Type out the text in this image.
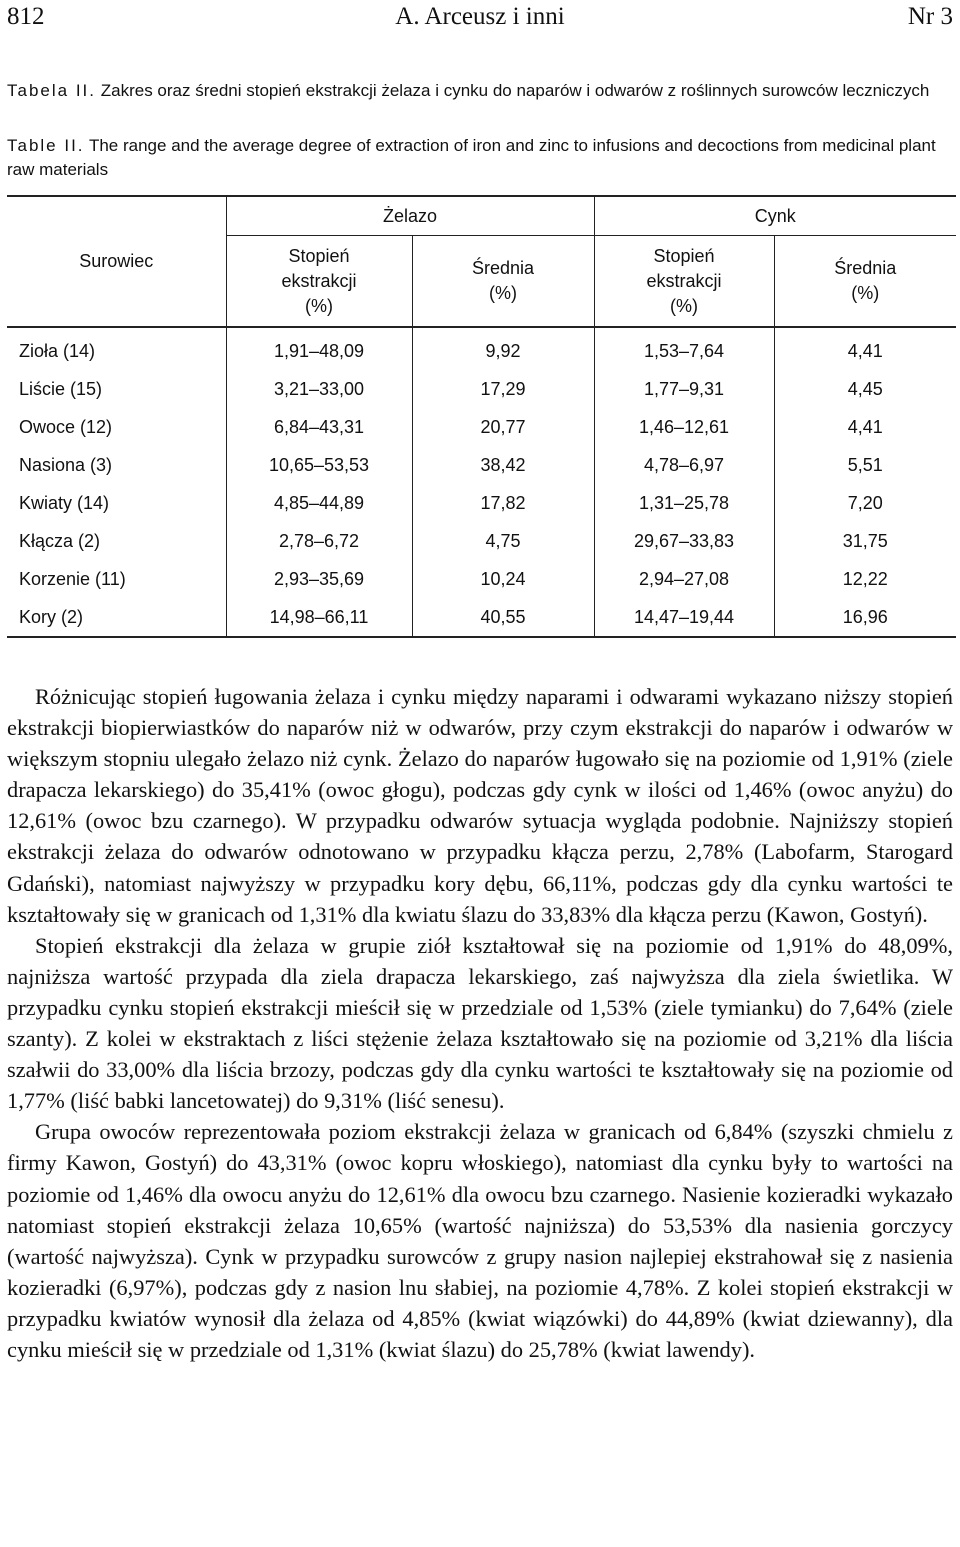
812	A. Arceusz i inni	Nr 3
Tabela II. Zakres oraz średni stopień ekstrakcji żelaza i cynku do naparów i odwarów z roślinnych surowców leczniczych
Table II. The range and the average degree of extraction of iron and zinc to infusions and decoctions from medicinal plant raw materials
Surowiec	Żelazo		Cynk	
	Stopień
ekstrakcji
(%)	Średnia
(%)	Stopień
ekstrakcji
(%)	Średnia
(%)
Zioła (14)	1,91–48,09	9,92	1,53–7,64	4,41
Liście (15)	3,21–33,00	17,29	1,77–9,31	4,45
Owoce (12)	6,84–43,31	20,77	1,46–12,61	4,41
Nasiona (3)	10,65–53,53	38,42	4,78–6,97	5,51
Kwiaty (14)	4,85–44,89	17,82	1,31–25,78	7,20
Kłącza (2)	2,78–6,72	4,75	29,67–33,83	31,75
Korzenie (11)	2,93–35,69	10,24	2,94–27,08	12,22
Kory (2)	14,98–66,11	40,55	14,47–19,44	16,96

Różnicując stopień ługowania żelaza i cynku między naparami i odwarami wykazano niższy stopień ekstrakcji biopierwiastków do naparów niż w odwarów, przy czym ekstrakcji do naparów i odwarów w większym stopniu ulegało żelazo niż cynk. Żelazo do naparów ługowało się na poziomie od 1,91% (ziele drapacza lekarskiego) do 35,41% (owoc głogu), podczas gdy cynk w ilości od 1,46% (owoc anyżu) do 12,61% (owoc bzu czarnego). W przypadku odwarów sytuacja wygląda podobnie. Najniższy stopień ekstrakcji żelaza do odwarów odnotowano w przypadku kłącza perzu, 2,78% (Labofarm, Starogard Gdański), natomiast najwyższy w przypadku kory dębu, 66,11%, podczas gdy dla cynku wartości te kształtowały się w granicach od 1,31% dla kwiatu ślazu do 33,83% dla kłącza perzu (Kawon, Gostyń).

Stopień ekstrakcji dla żelaza w grupie ziół kształtował się na poziomie od 1,91% do 48,09%, najniższa wartość przypada dla ziela drapacza lekarskiego, zaś najwyższa dla ziela świetlika. W przypadku cynku stopień ekstrakcji mieścił się w przedziale od 1,53% (ziele tymianku) do 7,64% (ziele szanty). Z kolei w ekstraktach z liści stężenie żelaza kształtowało się na poziomie od 3,21% dla liścia szałwii do 33,00% dla liścia brzozy, podczas gdy dla cynku wartości te kształtowały się na poziomie od 1,77% (liść babki lancetowatej) do 9,31% (liść senesu).

Grupa owoców reprezentowała poziom ekstrakcji żelaza w granicach od 6,84% (szyszki chmielu z firmy Kawon, Gostyń) do 43,31% (owoc kopru włoskiego), natomiast dla cynku były to wartości na poziomie od 1,46% dla owocu anyżu do 12,61% dla owocu bzu czarnego. Nasienie kozieradki wykazało natomiast stopień ekstrakcji żelaza 10,65% (wartość najniższa) do 53,53% dla nasienia gorczycy (wartość najwyższa). Cynk w przypadku surowców z grupy nasion najlepiej ekstrahował się z nasienia kozieradki (6,97%), podczas gdy z nasion lnu słabiej, na poziomie 4,78%. Z kolei stopień ekstrakcji w przypadku kwiatów wynosił dla żelaza od 4,85% (kwiat wiązówki) do 44,89% (kwiat dziewanny), dla cynku mieścił się w przedziale od 1,31% (kwiat ślazu) do 25,78% (kwiat lawendy).
